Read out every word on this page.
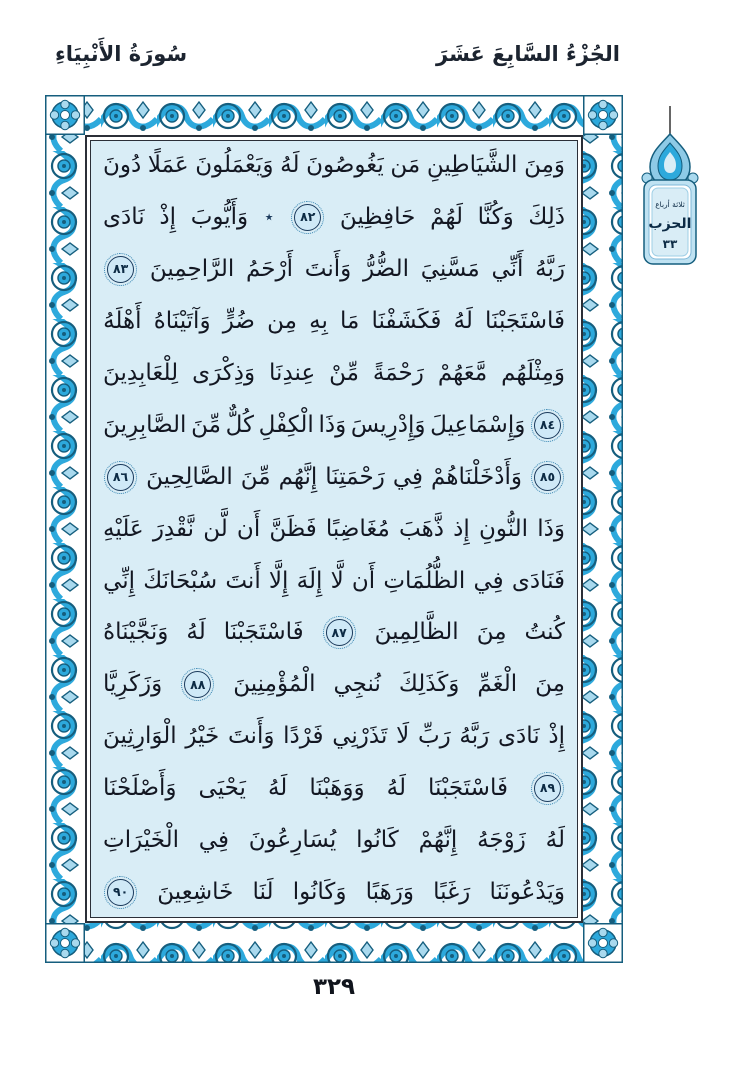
الجُزْءُ السَّابِعَ عَشَرَ
سُورَةُ الأَنْبِيَاءِ
وَمِنَ
الشَّيَاطِينِ
مَن
يَغُوصُونَ
لَهُ
وَيَعْمَلُونَ
عَمَلًا
دُونَ
ذَلِكَ
وَكُنَّا
لَهُمْ
حَافِظِينَ
٨٢
٭
وَأَيُّوبَ
إِذْ
نَادَى
رَبَّهُ
أَنِّي
مَسَّنِيَ
الضُّرُّ
وَأَنتَ
أَرْحَمُ
الرَّاحِمِينَ
٨٣
فَاسْتَجَبْنَا
لَهُ
فَكَشَفْنَا
مَا
بِهِ
مِن
ضُرٍّ
وَآتَيْنَاهُ
أَهْلَهُ
وَمِثْلَهُم
مَّعَهُمْ
رَحْمَةً
مِّنْ
عِندِنَا
وَذِكْرَى
لِلْعَابِدِينَ
٨٤
وَإِسْمَاعِيلَ
وَإِدْرِيسَ
وَذَا
الْكِفْلِ
كُلٌّ
مِّنَ
الصَّابِرِينَ
٨٥
وَأَدْخَلْنَاهُمْ
فِي
رَحْمَتِنَا
إِنَّهُم
مِّنَ
الصَّالِحِينَ
٨٦
وَذَا
النُّونِ
إِذ
ذَّهَبَ
مُغَاضِبًا
فَظَنَّ
أَن
لَّن
نَّقْدِرَ
عَلَيْهِ
فَنَادَى
فِي
الظُّلُمَاتِ
أَن
لَّا
إِلَهَ
إِلَّا
أَنتَ
سُبْحَانَكَ
إِنِّي
كُنتُ
مِنَ
الظَّالِمِينَ
٨٧
فَاسْتَجَبْنَا
لَهُ
وَنَجَّيْنَاهُ
مِنَ
الْغَمِّ
وَكَذَلِكَ
نُنجِي
الْمُؤْمِنِينَ
٨٨
وَزَكَرِيَّا
إِذْ
نَادَى
رَبَّهُ
رَبِّ
لَا
تَذَرْنِي
فَرْدًا
وَأَنتَ
خَيْرُ
الْوَارِثِينَ
٨٩
فَاسْتَجَبْنَا
لَهُ
وَوَهَبْنَا
لَهُ
يَحْيَى
وَأَصْلَحْنَا
لَهُ
زَوْجَهُ
إِنَّهُمْ
كَانُوا
يُسَارِعُونَ
فِي
الْخَيْرَاتِ
وَيَدْعُونَنَا
رَغَبًا
وَرَهَبًا
وَكَانُوا
لَنَا
خَاشِعِينَ
٩٠
ثلاثة أرباع
الحزب
٣٣
٣٢٩
